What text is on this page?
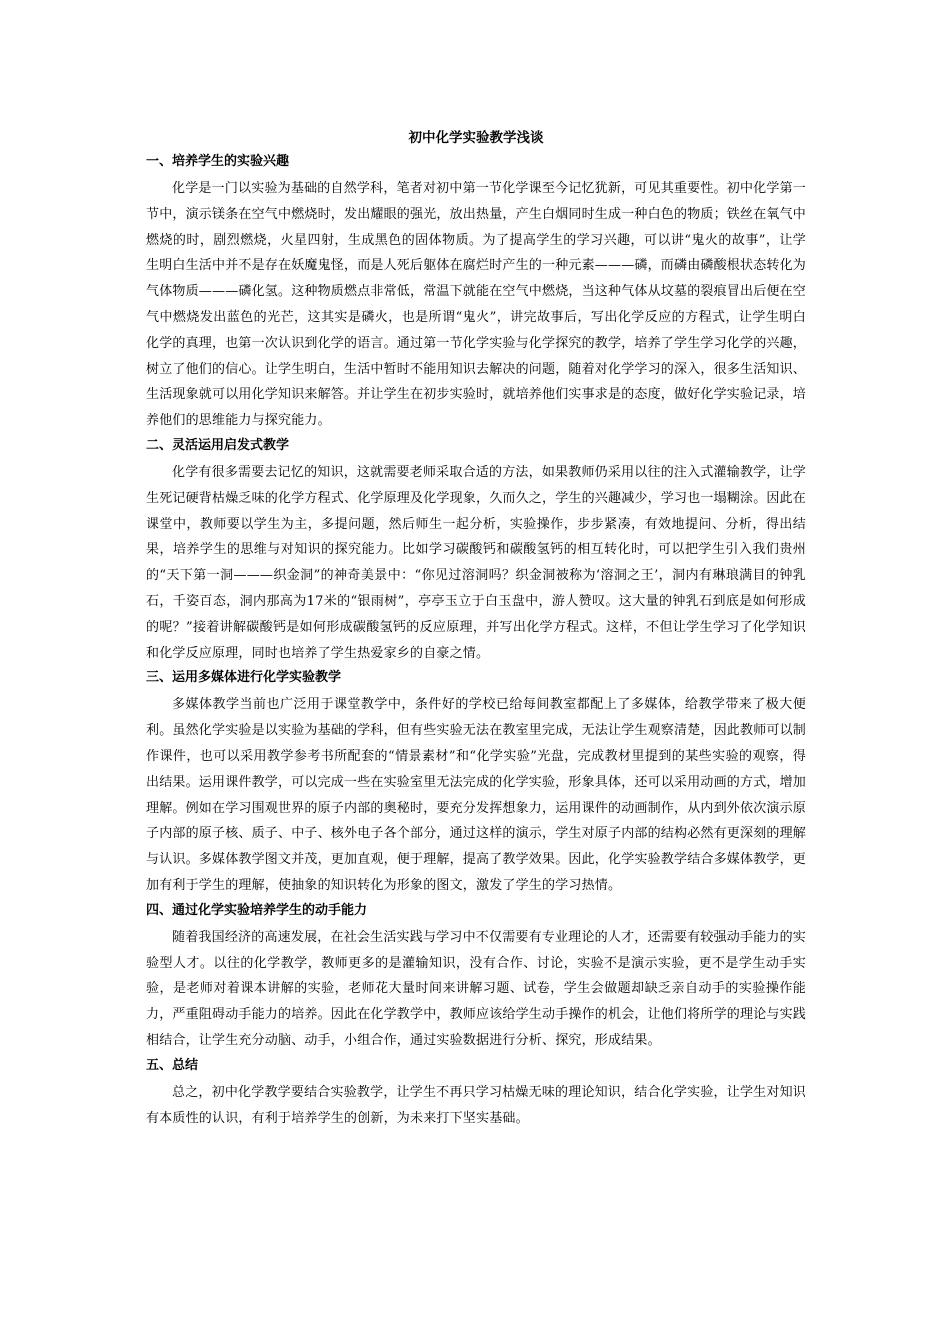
初中化学实验教学浅谈
一、培养学生的实验兴趣

化学是一门以实验为基础的自然学科，笔者对初中第一节化学课至今记忆犹新，可见其重要性。初中化学第一节中，演示镁条在空气中燃烧时，发出耀眼的强光，放出热量，产生白烟同时生成一种白色的物质；铁丝在氧气中燃烧的时，剧烈燃烧，火星四射，生成黑色的固体物质。为了提高学生的学习兴趣，可以讲“鬼火的故事”，让学生明白生活中并不是存在妖魔鬼怪，而是人死后躯体在腐烂时产生的一种元素———磷，而磷由磷酸根状态转化为气体物质———磷化氢。这种物质燃点非常低，常温下就能在空气中燃烧，当这种气体从坟墓的裂痕冒出后便在空气中燃烧发出蓝色的光芒，这其实是磷火，也是所谓“鬼火”，讲完故事后，写出化学反应的方程式，让学生明白化学的真理，也第一次认识到化学的语言。通过第一节化学实验与化学探究的教学，培养了学生学习化学的兴趣，树立了他们的信心。让学生明白，生活中暂时不能用知识去解决的问题，随着对化学学习的深入，很多生活知识、生活现象就可以用化学知识来解答。并让学生在初步实验时，就培养他们实事求是的态度，做好化学实验记录，培养他们的思维能力与探究能力。

二、灵活运用启发式教学

化学有很多需要去记忆的知识，这就需要老师采取合适的方法，如果教师仍采用以往的注入式灌输教学，让学生死记硬背枯燥乏味的化学方程式、化学原理及化学现象，久而久之，学生的兴趣减少，学习也一塌糊涂。因此在课堂中，教师要以学生为主，多提问题，然后师生一起分析，实验操作，步步紧凑，有效地提问、分析，得出结果，培养学生的思维与对知识的探究能力。比如学习碳酸钙和碳酸氢钙的相互转化时，可以把学生引入我们贵州的“天下第一洞———织金洞”的神奇美景中：“你见过溶洞吗？织金洞被称为‘溶洞之王’，洞内有琳琅满目的钟乳石，千姿百态，洞内那高为17米的“银雨树”，亭亭玉立于白玉盘中，游人赞叹。这大量的钟乳石到底是如何形成的呢？”接着讲解碳酸钙是如何形成碳酸氢钙的反应原理，并写出化学方程式。这样，不但让学生学习了化学知识和化学反应原理，同时也培养了学生热爱家乡的自豪之情。

三、运用多媒体进行化学实验教学

多媒体教学当前也广泛用于课堂教学中，条件好的学校已给每间教室都配上了多媒体，给教学带来了极大便利。虽然化学实验是以实验为基础的学科，但有些实验无法在教室里完成，无法让学生观察清楚，因此教师可以制作课件，也可以采用教学参考书所配套的“情景素材”和“化学实验”光盘，完成教材里提到的某些实验的观察，得出结果。运用课件教学，可以完成一些在实验室里无法完成的化学实验，形象具体，还可以采用动画的方式，增加理解。例如在学习围观世界的原子内部的奥秘时，要充分发挥想象力，运用课件的动画制作，从内到外依次演示原子内部的原子核、质子、中子、核外电子各个部分，通过这样的演示，学生对原子内部的结构必然有更深刻的理解与认识。多媒体教学图文并茂，更加直观，便于理解，提高了教学效果。因此，化学实验教学结合多媒体教学，更加有利于学生的理解，使抽象的知识转化为形象的图文，激发了学生的学习热情。

四、通过化学实验培养学生的动手能力

随着我国经济的高速发展，在社会生活实践与学习中不仅需要有专业理论的人才，还需要有较强动手能力的实验型人才。以往的化学教学，教师更多的是灌输知识，没有合作、讨论，实验不是演示实验，更不是学生动手实验，是老师对着课本讲解的实验，老师花大量时间来讲解习题、试卷，学生会做题却缺乏亲自动手的实验操作能力，严重阻碍动手能力的培养。因此在化学教学中，教师应该给学生动手操作的机会，让他们将所学的理论与实践相结合，让学生充分动脑、动手，小组合作，通过实验数据进行分析、探究，形成结果。

五、总结

总之，初中化学教学要结合实验教学，让学生不再只学习枯燥无味的理论知识，结合化学实验，让学生对知识有本质性的认识，有利于培养学生的创新，为未来打下坚实基础。
